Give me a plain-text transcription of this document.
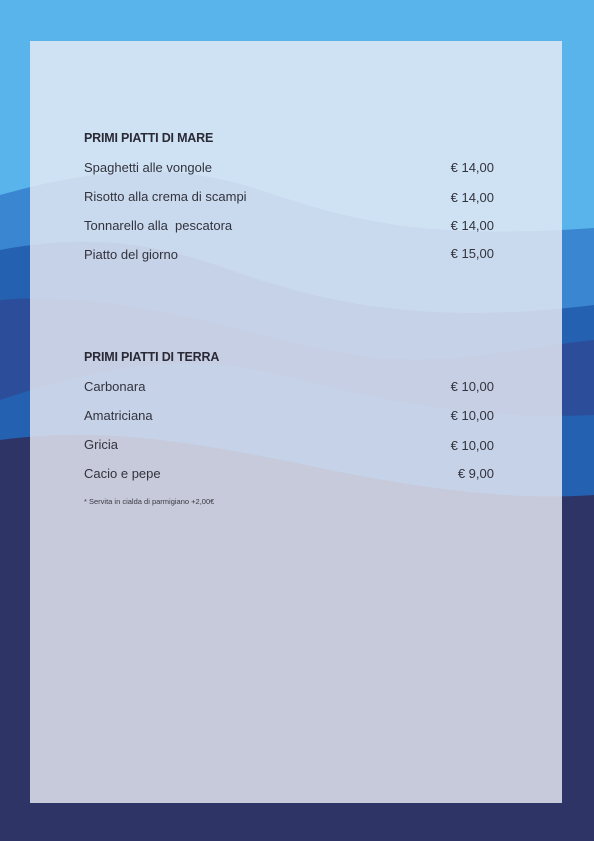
PRIMI PIATTI DI MARE
Spaghetti alle vongole	€ 14,00
Risotto alla crema di scampi	€ 14,00
Tonnarello alla  pescatora	€ 14,00
Piatto del giorno	€ 15,00
PRIMI PIATTI DI TERRA
Carbonara	€ 10,00
Amatriciana	€ 10,00
Gricia	€ 10,00
Cacio e pepe	€ 9,00
* Servita in cialda di parmigiano +2,00€
